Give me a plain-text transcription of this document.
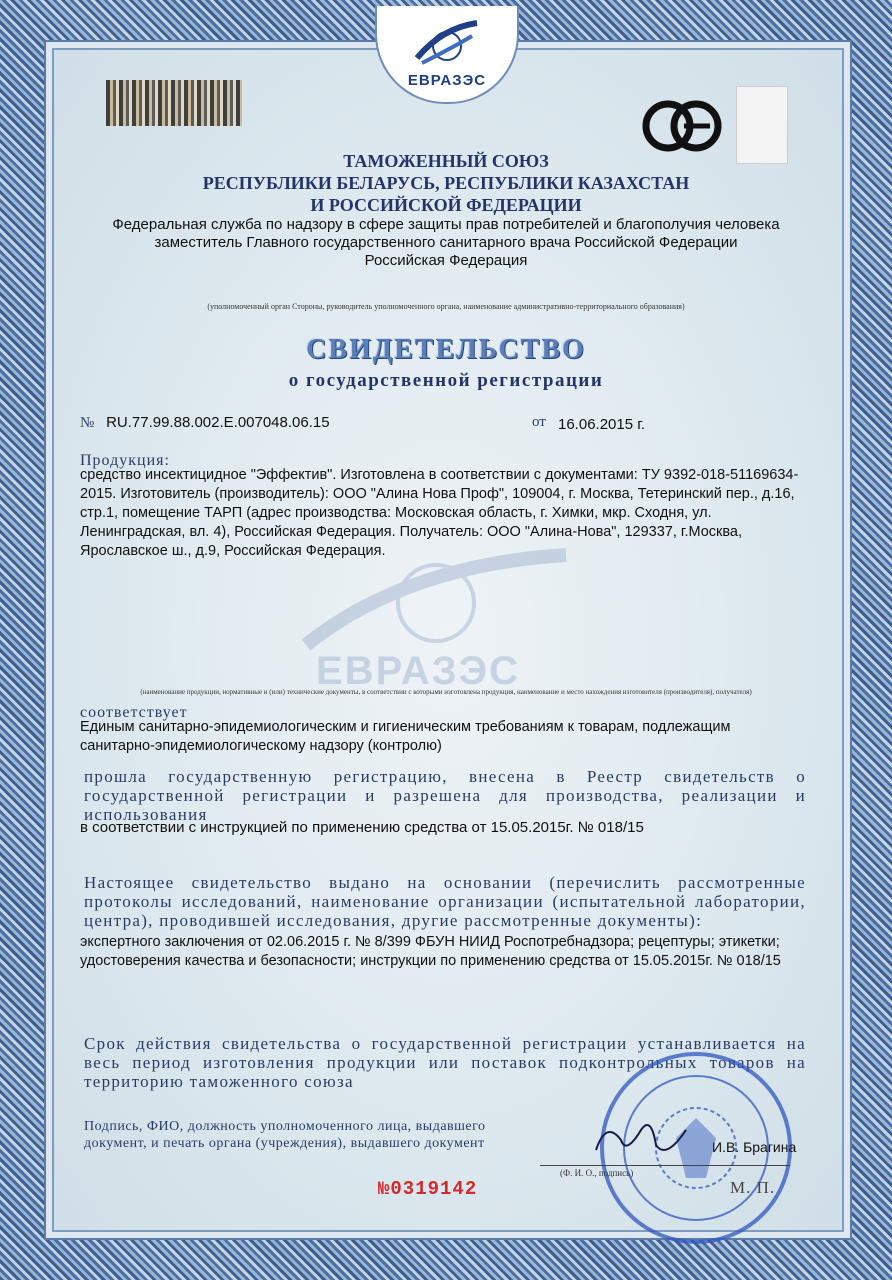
ЕВРАЗЭС
ТАМОЖЕННЫЙ СОЮЗ
РЕСПУБЛИКИ БЕЛАРУСЬ, РЕСПУБЛИКИ КАЗАХСТАН
И РОССИЙСКОЙ ФЕДЕРАЦИИ
Федеральная служба по надзору в сфере защиты прав потребителей и благополучия человека
заместитель Главного государственного санитарного врача Российской Федерации
Российская Федерация
(уполномоченный орган Стороны, руководитель уполномоченного органа, наименование административно-территориального образования)
СВИДЕТЕЛЬСТВО
о государственной регистрации
№ RU.77.99.88.002.E.007048.06.15	от 16.06.2015 г.
Продукция:
средство инсектицидное "Эффектив". Изготовлена в соответствии с документами: ТУ 9392-018-51169634-2015. Изготовитель (производитель): ООО "Алина Нова Проф", 109004, г. Москва, Тетеринский пер., д.16, стр.1, помещение ТАРП (адрес производства: Московская область, г. Химки, мкр. Сходня, ул. Ленинградская, вл. 4), Российская Федерация. Получатель: ООО "Алина-Нова", 129337, г.Москва, Ярославское ш., д.9, Российская Федерация.
ЕВРАЗЭС
(наименование продукции, нормативные и (или) технические документы, в соответствии с которыми изготовлена продукция, наименование и место нахождения изготовителя (производителя), получателя)
соответствует
Единым санитарно-эпидемиологическим и гигиеническим требованиям к товарам, подлежащим санитарно-эпидемиологическому надзору (контролю)
прошла государственную регистрацию, внесена в Реестр свидетельств о государственной регистрации и разрешена для производства, реализации и использования
в соответствии с инструкцией по применению средства от 15.05.2015г. № 018/15
Настоящее свидетельство выдано на основании (перечислить рассмотренные протоколы исследований, наименование организации (испытательной лаборатории, центра), проводившей исследования, другие рассмотренные документы):
экспертного заключения от 02.06.2015 г. № 8/399 ФБУН НИИД Роспотребнадзора; рецептуры; этикетки; удостоверения качества и безопасности; инструкции по применению средства от 15.05.2015г. № 018/15
Срок действия свидетельства о государственной регистрации устанавливается на весь период изготовления продукции или поставок подконтрольных товаров на территорию таможенного союза
Подпись, ФИО, должность уполномоченного лица, выдавшего документ, и печать органа (учреждения), выдавшего документ	И.В. Брагина
(Ф. И. О., подпись)
М. П.
№0319142
